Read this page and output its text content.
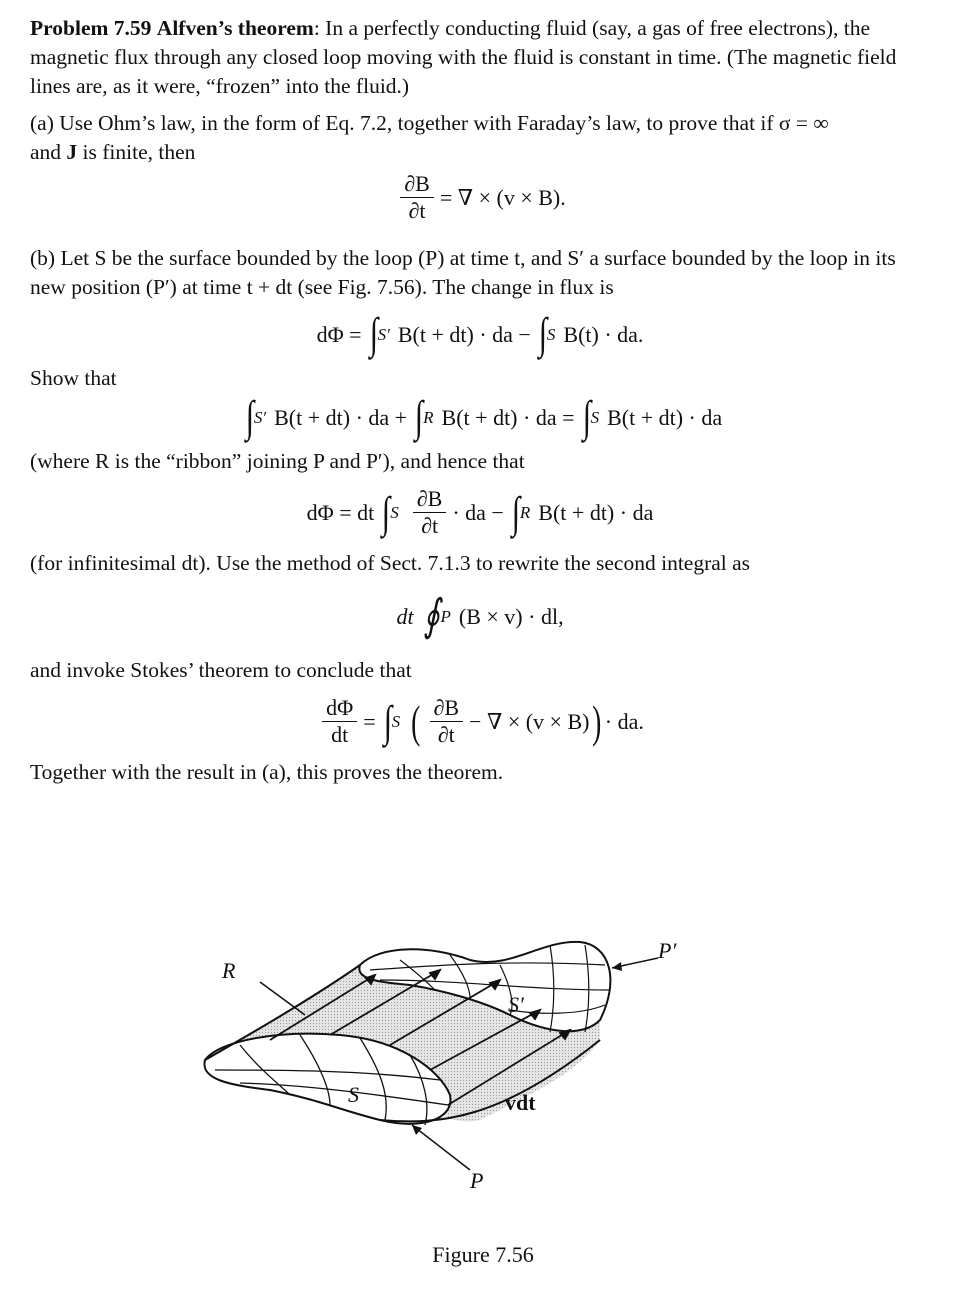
Problem 7.59 Alfven’s theorem: In a perfectly conducting fluid (say, a gas of free electrons), the magnetic flux through any closed loop moving with the fluid is constant in time. (The magnetic field lines are, as it were, “frozen” into the fluid.)

(a) Use Ohm’s law, in the form of Eq. 7.2, together with Faraday’s law, to prove that if σ = ∞
and J is finite, then

$\frac{\partial B}{\partial t}$ = ∇ × (v × B).

(b) Let S be the surface bounded by the loop (P) at time t, and S′ a surface bounded by the loop in its new position (P′) at time t + dt (see Fig. 7.56). The change in flux is

dΦ = ∫ S′ B(t + dt) · da − ∫ S B(t) · da.

Show that

∫ S′ B(t + dt) · da + ∫ R B(t + dt) · da = ∫ S B(t + dt) · da

(where R is the “ribbon” joining P and P′), and hence that

dΦ = dt ∫ S $\frac{\partial B}{\partial t}$ · da − ∫ R B(t + dt) · da

(for infinitesimal dt). Use the method of Sect. 7.1.3 to rewrite the second integral as

dt ∮ P (B × v) · dl,

and invoke Stokes’ theorem to conclude that

$\frac{d\Phi}{dt}$ = ∫ S ( $\frac{\partial B}{\partial t}$ − ∇ × (v × B) ) · da.

Together with the result in (a), this proves the theorem.

R
S′
S
P′
P
vdt
Figure 7.56
